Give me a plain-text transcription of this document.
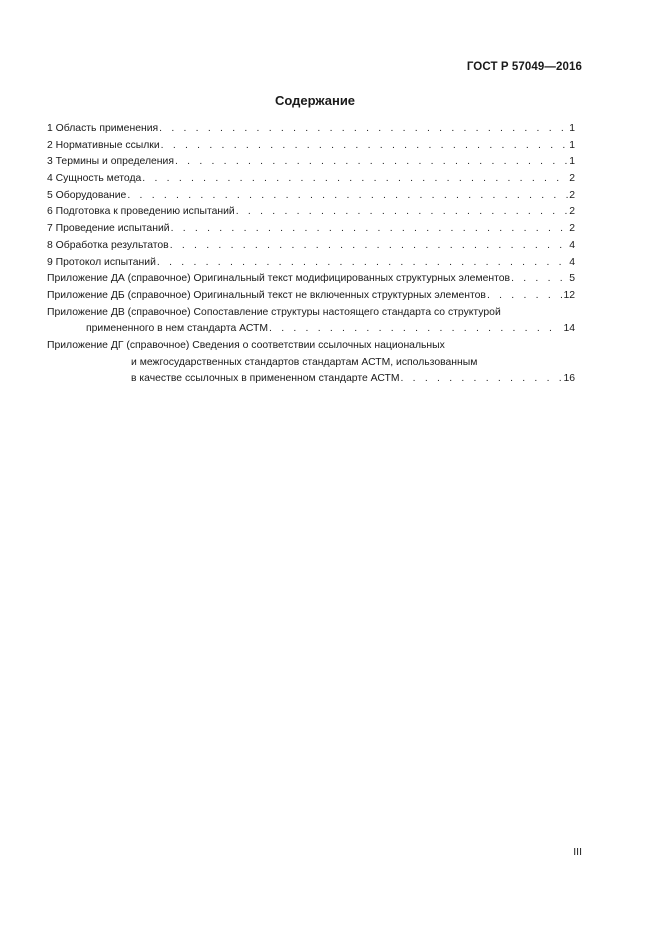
ГОСТ Р 57049—2016
Содержание
1 Область применения . . .	1
2 Нормативные ссылки . . .	1
3 Термины и определения . . .	1
4 Сущность метода . . .	2
5 Оборудование . . .	2
6 Подготовка к проведению испытаний . . .	2
7 Проведение испытаний . . .	2
8 Обработка результатов . . .	4
9 Протокол испытаний . . .	4
Приложение ДА (справочное) Оригинальный текст модифицированных структурных элементов . . .	5
Приложение ДБ (справочное) Оригинальный текст не включенных структурных элементов . . .	12
Приложение ДВ (справочное) Сопоставление структуры настоящего стандарта со структурой
примененного в нем стандарта АСТМ . . .	14
Приложение ДГ (справочное) Сведения о соответствии ссылочных национальных
и межгосударственных стандартов стандартам АСТМ, использованным
в качестве ссылочных в примененном стандарте АСТМ . . .	16
III
